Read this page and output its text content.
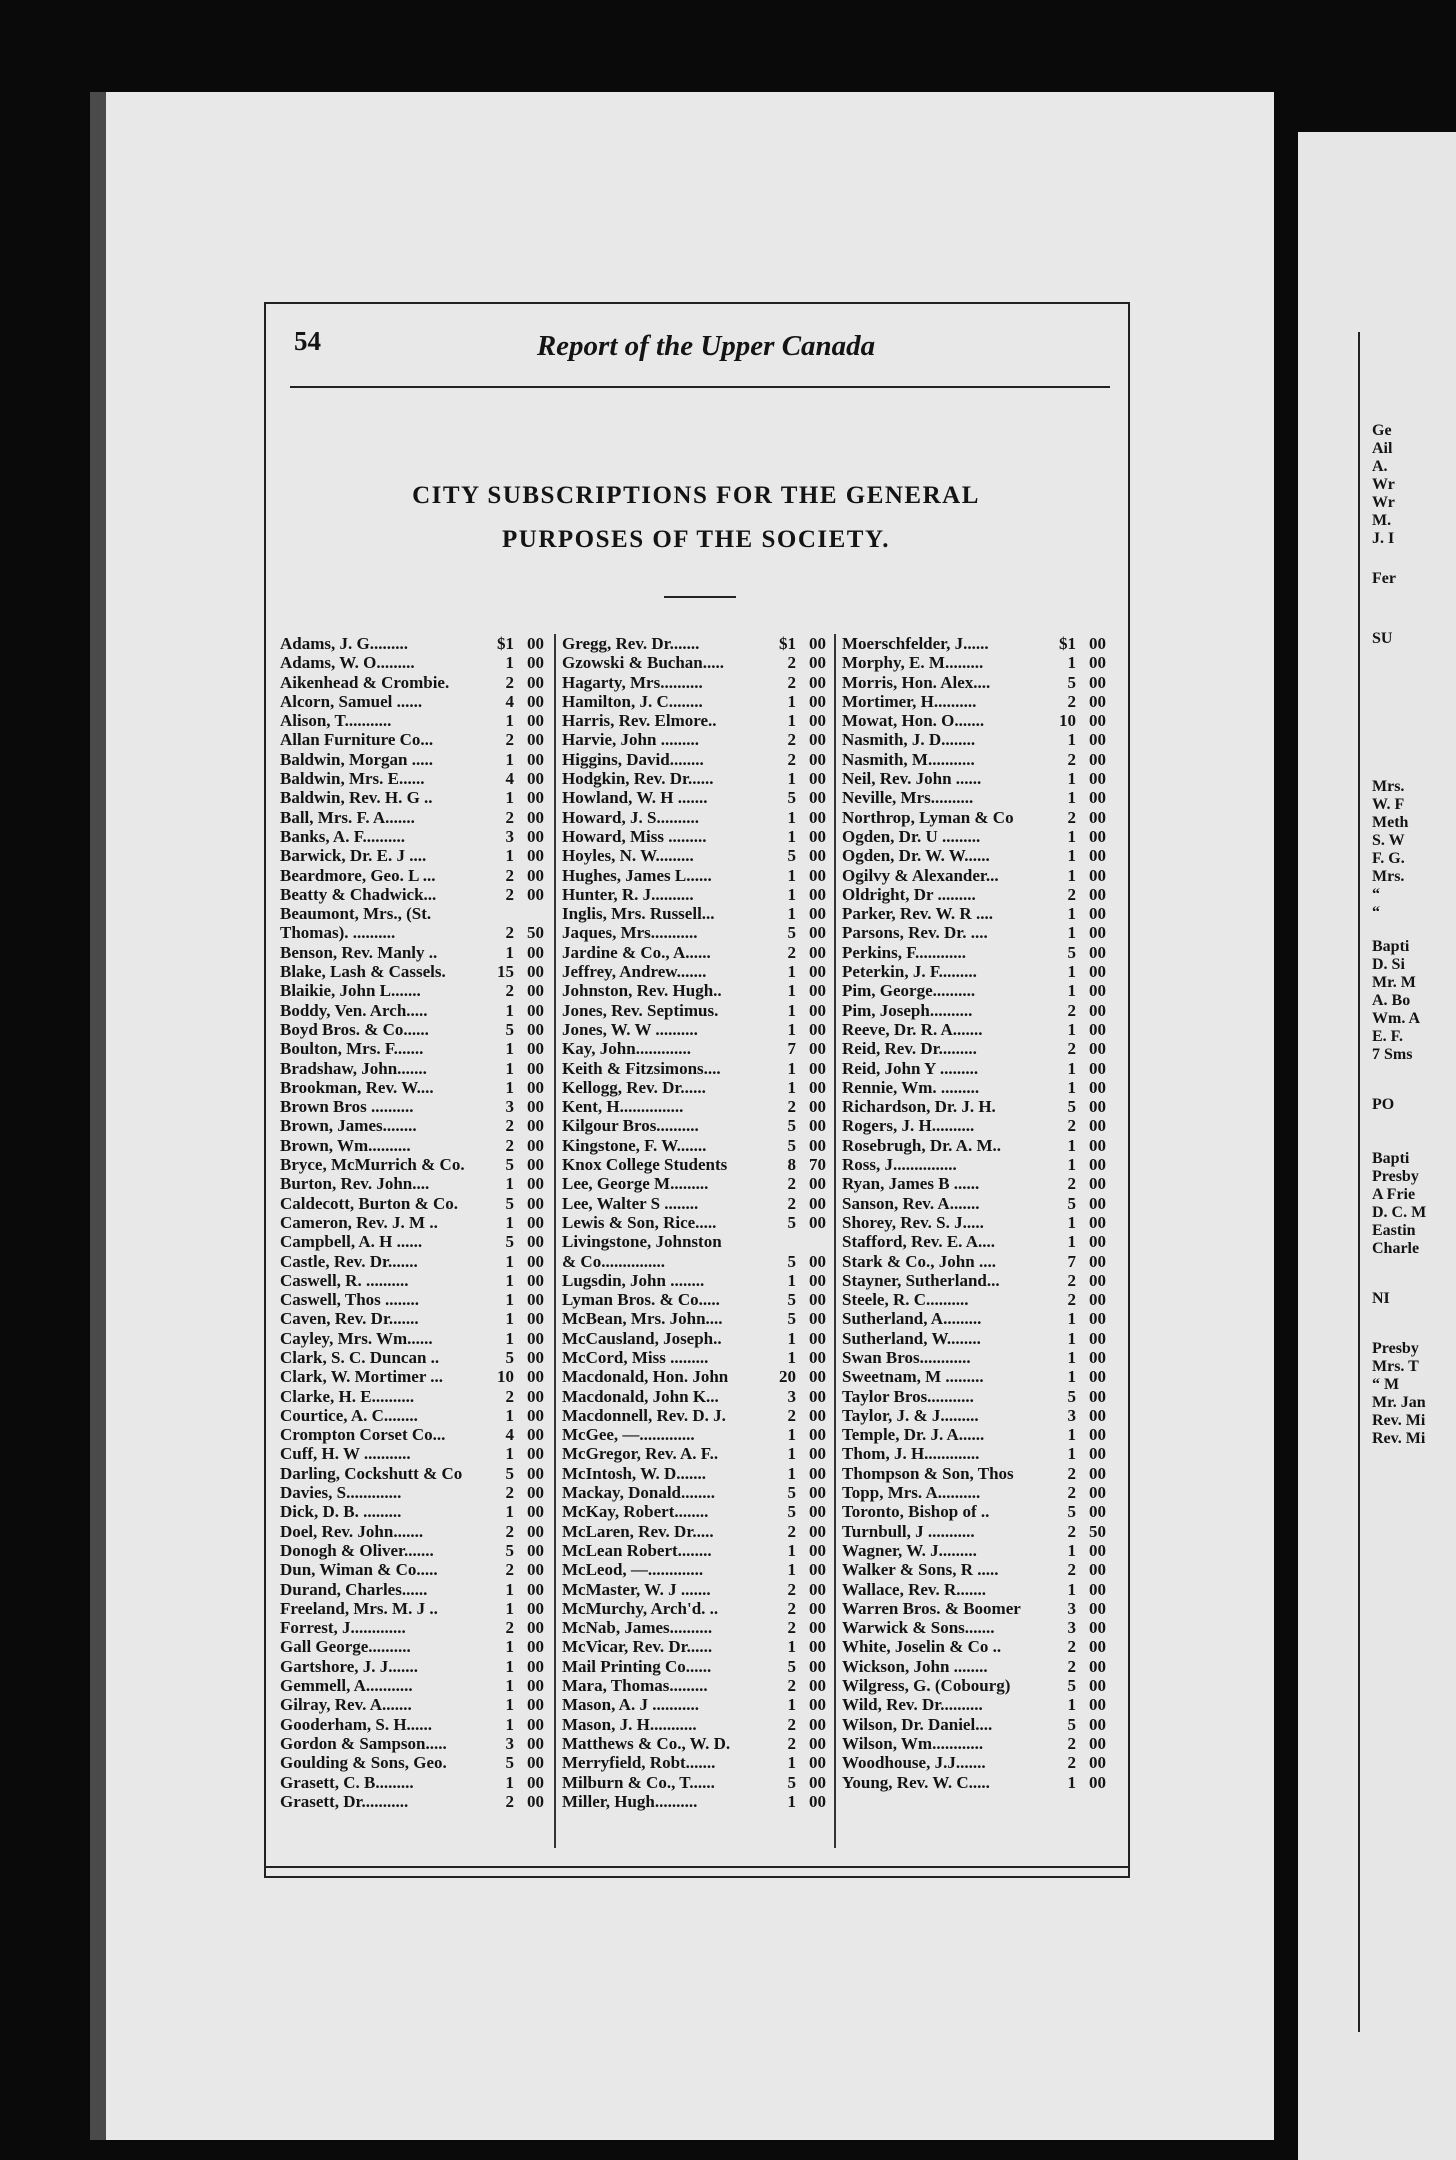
54	Report of the Upper Canada
CITY SUBSCRIPTIONS FOR THE GENERAL
PURPOSES OF THE SOCIETY.
Adams, J. G.........	$1 00
Adams, W. O.........	1 00
Aikenhead & Crombie.	2 00
Alcorn, Samuel ......	4 00
Alison, T...........	1 00
Allan Furniture Co...	2 00
Baldwin, Morgan .....	1 00
Baldwin, Mrs. E......	4 00
Baldwin, Rev. H. G ..	1 00
Ball, Mrs. F. A.......	2 00
Banks, A. F..........	3 00
Barwick, Dr. E. J ....	1 00
Beardmore, Geo. L ...	2 00
Beatty & Chadwick...	2 00
Beaumont, Mrs., (St.
Thomas). ..........	2 50
Benson, Rev. Manly ..	1 00
Blake, Lash & Cassels.	15 00
Blaikie, John L.......	2 00
Boddy, Ven. Arch.....	1 00
Boyd Bros. & Co......	5 00
Boulton, Mrs. F.......	1 00
Bradshaw, John.......	1 00
Brookman, Rev. W....	1 00
Brown Bros ..........	3 00
Brown, James........	2 00
Brown, Wm..........	2 00
Bryce, McMurrich & Co.	5 00
Burton, Rev. John....	1 00
Caldecott, Burton & Co.	5 00
Cameron, Rev. J. M ..	1 00
Campbell, A. H ......	5 00
Castle, Rev. Dr.......	1 00
Caswell, R. ..........	1 00
Caswell, Thos ........	1 00
Caven, Rev. Dr.......	1 00
Cayley, Mrs. Wm......	1 00
Clark, S. C. Duncan ..	5 00
Clark, W. Mortimer ...	10 00
Clarke, H. E..........	2 00
Courtice, A. C........	1 00
Crompton Corset Co...	4 00
Cuff, H. W ...........	1 00
Darling, Cockshutt & Co	5 00
Davies, S.............	2 00
Dick, D. B. .........	1 00
Doel, Rev. John.......	2 00
Donogh & Oliver.......	5 00
Dun, Wiman & Co.....	2 00
Durand, Charles......	1 00
Freeland, Mrs. M. J ..	1 00
Forrest, J.............	2 00
Gall George..........	1 00
Gartshore, J. J.......	1 00
Gemmell, A...........	1 00
Gilray, Rev. A.......	1 00
Gooderham, S. H......	1 00
Gordon & Sampson.....	3 00
Goulding & Sons, Geo.	5 00
Grasett, C. B.........	1 00
Grasett, Dr...........	2 00
Gregg, Rev. Dr.......	$1 00
Gzowski & Buchan.....	2 00
Hagarty, Mrs..........	2 00
Hamilton, J. C........	1 00
Harris, Rev. Elmore..	1 00
Harvie, John .........	2 00
Higgins, David........	2 00
Hodgkin, Rev. Dr......	1 00
Howland, W. H .......	5 00
Howard, J. S..........	1 00
Howard, Miss .........	1 00
Hoyles, N. W.........	5 00
Hughes, James L......	1 00
Hunter, R. J..........	1 00
Inglis, Mrs. Russell...	1 00
Jaques, Mrs...........	5 00
Jardine & Co., A......	2 00
Jeffrey, Andrew.......	1 00
Johnston, Rev. Hugh..	1 00
Jones, Rev. Septimus.	1 00
Jones, W. W ..........	1 00
Kay, John.............	7 00
Keith & Fitzsimons....	1 00
Kellogg, Rev. Dr......	1 00
Kent, H...............	2 00
Kilgour Bros..........	5 00
Kingstone, F. W.......	5 00
Knox College Students	8 70
Lee, George M.........	2 00
Lee, Walter S ........	2 00
Lewis & Son, Rice.....	5 00
Livingstone, Johnston
& Co...............	5 00
Lugsdin, John ........	1 00
Lyman Bros. & Co.....	5 00
McBean, Mrs. John....	5 00
McCausland, Joseph..	1 00
McCord, Miss .........	1 00
Macdonald, Hon. John	20 00
Macdonald, John K...	3 00
Macdonnell, Rev. D. J.	2 00
McGee, —.............	1 00
McGregor, Rev. A. F..	1 00
McIntosh, W. D.......	1 00
Mackay, Donald........	5 00
McKay, Robert........	5 00
McLaren, Rev. Dr.....	2 00
McLean Robert........	1 00
McLeod, —.............	1 00
McMaster, W. J .......	2 00
McMurchy, Arch'd. ..	2 00
McNab, James..........	2 00
McVicar, Rev. Dr......	1 00
Mail Printing Co......	5 00
Mara, Thomas.........	2 00
Mason, A. J ...........	1 00
Mason, J. H...........	2 00
Matthews & Co., W. D.	2 00
Merryfield, Robt.......	1 00
Milburn & Co., T......	5 00
Miller, Hugh..........	1 00
Moerschfelder, J......	$1 00
Morphy, E. M.........	1 00
Morris, Hon. Alex....	5 00
Mortimer, H..........	2 00
Mowat, Hon. O.......	10 00
Nasmith, J. D........	1 00
Nasmith, M...........	2 00
Neil, Rev. John ......	1 00
Neville, Mrs..........	1 00
Northrop, Lyman & Co	2 00
Ogden, Dr. U .........	1 00
Ogden, Dr. W. W......	1 00
Ogilvy & Alexander...	1 00
Oldright, Dr .........	2 00
Parker, Rev. W. R ....	1 00
Parsons, Rev. Dr. ....	1 00
Perkins, F............	5 00
Peterkin, J. F.........	1 00
Pim, George..........	1 00
Pim, Joseph..........	2 00
Reeve, Dr. R. A.......	1 00
Reid, Rev. Dr.........	2 00
Reid, John Y .........	1 00
Rennie, Wm. .........	1 00
Richardson, Dr. J. H.	5 00
Rogers, J. H..........	2 00
Rosebrugh, Dr. A. M..	1 00
Ross, J...............	1 00
Ryan, James B ......	2 00
Sanson, Rev. A.......	5 00
Shorey, Rev. S. J.....	1 00
Stafford, Rev. E. A....	1 00
Stark & Co., John ....	7 00
Stayner, Sutherland...	2 00
Steele, R. C..........	2 00
Sutherland, A.........	1 00
Sutherland, W........	1 00
Swan Bros............	1 00
Sweetnam, M .........	1 00
Taylor Bros...........	5 00
Taylor, J. & J.........	3 00
Temple, Dr. J. A......	1 00
Thom, J. H.............	1 00
Thompson & Son, Thos	2 00
Topp, Mrs. A..........	2 00
Toronto, Bishop of ..	5 00
Turnbull, J ...........	2 50
Wagner, W. J.........	1 00
Walker & Sons, R .....	2 00
Wallace, Rev. R.......	1 00
Warren Bros. & Boomer	3 00
Warwick & Sons.......	3 00
White, Joselin & Co ..	2 00
Wickson, John ........	2 00
Wilgress, G. (Cobourg)	5 00
Wild, Rev. Dr..........	1 00
Wilson, Dr. Daniel....	5 00
Wilson, Wm............	2 00
Woodhouse, J.J.......	2 00
Young, Rev. W. C.....	1 00
Ge
Ail
A.
Wr
Wr
M.
J. I
Fer
SU
Mrs.
W. F
Meth
S. W
F. G.
Mrs.
“
“
Bapti
D. Si
Mr. M
A. Bo
Wm. A
E. F.
7 Sms
PO
Bapti
Presby
A Frie
D. C. M
Eastin
Charle
NI
Presby
Mrs. T
“ M
Mr. Jan
Rev. Mi
Rev. Mi
